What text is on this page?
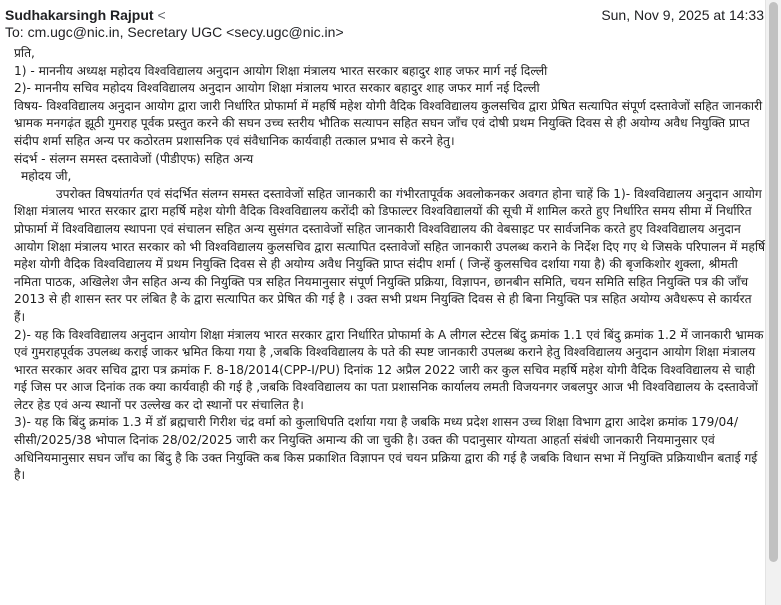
Sudhakarsingh Rajput <	Sun, Nov 9, 2025 at 14:33
To: cm.ugc@nic.in, Secretary UGC <secy.ugc@nic.in>

प्रति,

1) - माननीय अध्यक्ष महोदय विश्वविद्यालय अनुदान आयोग शिक्षा मंत्रालय भारत सरकार बहादुर शाह जफर मार्ग नई दिल्ली

2)- माननीय सचिव महोदय विश्वविद्यालय अनुदान आयोग शिक्षा मंत्रालय भारत सरकार बहादुर शाह जफर मार्ग नई दिल्ली

विषय- विश्वविद्यालय अनुदान आयोग द्वारा जारी निर्धारित प्रोफार्मा में महर्षि महेश योगी वैदिक विश्वविद्यालय कुलसचिव द्वारा प्रेषित सत्यापित संपूर्ण दस्तावेजों सहित जानकारी भ्रामक मनगढ़ंत झूठी गुमराह पूर्वक प्रस्तुत करने की सघन उच्च स्तरीय भौतिक सत्यापन सहित सघन जाँच एवं दोषी प्रथम नियुक्ति दिवस से ही अयोग्य अवैध नियुक्ति प्राप्त संदीप शर्मा सहित अन्य पर कठोरतम प्रशासनिक एवं संवैधानिक कार्यवाही तत्काल प्रभाव से करने हेतु।

संदर्भ - संलग्न समस्त दस्तावेजों (पीडीएफ) सहित अन्य

महोदय जी,

उपरोक्त विषयांतर्गत एवं संदर्भित संलग्न समस्त दस्तावेजों सहित जानकारी का गंभीरतापूर्वक अवलोकनकर अवगत होना चाहें कि 1)- विश्वविद्यालय अनुदान आयोग शिक्षा मंत्रालय भारत सरकार द्वारा महर्षि महेश योगी वैदिक विश्वविद्यालय करोंदी को डिफाल्टर विश्वविद्यालयों की सूची में शामिल करते हुए निर्धारित समय सीमा में निर्धारित प्रोफार्मा में विश्वविद्यालय स्थापना एवं संचालन सहित अन्य सुसंगत दस्तावेजों सहित जानकारी विश्वविद्यालय की वेबसाइट पर सार्वजनिक करते हुए विश्वविद्यालय अनुदान आयोग शिक्षा मंत्रालय भारत सरकार को भी विश्वविद्यालय कुलसचिव द्वारा सत्यापित दस्तावेजों सहित जानकारी उपलब्ध कराने के निर्देश दिए गए थे जिसके परिपालन में महर्षि महेश योगी वैदिक विश्वविद्यालय में प्रथम नियुक्ति दिवस से ही अयोग्य अवैध नियुक्ति प्राप्त संदीप शर्मा ( जिन्हें कुलसचिव दर्शाया गया है) की बृजकिशोर शुक्ला, श्रीमती नमिता पाठक, अखिलेश जैन सहित अन्य की नियुक्ति पत्र सहित नियमानुसार संपूर्ण नियुक्ति प्रक्रिया, विज्ञापन, छानबीन समिति, चयन समिति सहित नियुक्ति पत्र की जाँच 2013 से ही शासन स्तर पर लंबित है के द्वारा सत्यापित कर प्रेषित की गई है । उक्त सभी प्रथम नियुक्ति दिवस से ही बिना नियुक्ति पत्र सहित अयोग्य अवैधरूप से कार्यरत हैं।

2)- यह कि विश्वविद्यालय अनुदान आयोग शिक्षा मंत्रालय भारत सरकार द्वारा निर्धारित प्रोफार्मा के A लीगल स्टेटस बिंदु क्रमांक 1.1 एवं बिंदु क्रमांक 1.2 में जानकारी भ्रामक एवं गुमराहपूर्वक उपलब्ध कराई जाकर भ्रमित किया गया है ,जबकि विश्वविद्यालय के पते की स्पष्ट जानकारी उपलब्ध कराने हेतु विश्वविद्यालय अनुदान आयोग शिक्षा मंत्रालय भारत सरकार अवर सचिव द्वारा पत्र क्रमांक F. 8-18/2014(CPP-I/PU) दिनांक 12 अप्रैल 2022 जारी कर कुल सचिव महर्षि महेश योगी वैदिक विश्वविद्यालय से चाही गई जिस पर आज दिनांक तक क्या कार्यवाही की गई है ,जबकि विश्वविद्यालय का पता प्रशासनिक कार्यालय लमती विजयनगर जबलपुर आज भी विश्वविद्यालय के दस्तावेजों लेटर हेड एवं अन्य स्थानों पर उल्लेख कर दो स्थानों पर संचालित है।

3)- यह कि बिंदु क्रमांक 1.3 में डॉ ब्रह्मचारी गिरीश चंद्र वर्मा को कुलाधिपति दर्शाया गया है जबकि मध्य प्रदेश शासन उच्च शिक्षा विभाग द्वारा आदेश क्रमांक 179/04/सीसी/2025/38 भोपाल दिनांक 28/02/2025 जारी कर नियुक्ति अमान्य की जा चुकी है। उक्त की पदानुसार योग्यता आहर्ता संबंधी जानकारी नियमानुसार एवं अधिनियमानुसार सघन जाँच का बिंदु है कि उक्त नियुक्ति कब किस प्रकाशित विज्ञापन एवं चयन प्रक्रिया द्वारा की गई है जबकि विधान सभा में नियुक्ति प्रक्रियाधीन बताई गई है।
